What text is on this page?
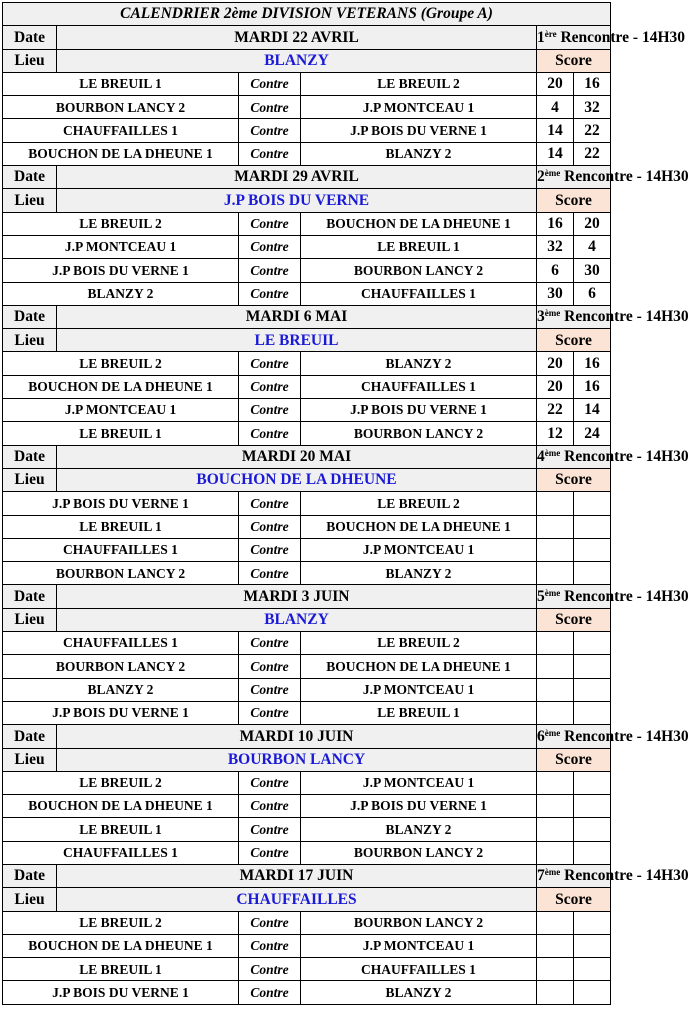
CALENDRIER 2ème DIVISION VETERANS (Groupe A)					
Date	MARDI 22 AVRIL			1ère Rencontre - 14H30	
Lieu	BLANZY			Score	
LE BREUIL 1		Contre	LE BREUIL 2	20	16
BOURBON LANCY 2		Contre	J.P MONTCEAU 1	4	32
CHAUFFAILLES 1		Contre	J.P BOIS DU VERNE 1	14	22
BOUCHON DE LA DHEUNE 1		Contre	BLANZY 2	14	22
Date	MARDI 29 AVRIL			2ème Rencontre - 14H30	
Lieu	J.P BOIS DU VERNE			Score	
LE BREUIL 2		Contre	BOUCHON DE LA DHEUNE 1	16	20
J.P MONTCEAU 1		Contre	LE BREUIL 1	32	4
J.P BOIS DU VERNE 1		Contre	BOURBON LANCY 2	6	30
BLANZY 2		Contre	CHAUFFAILLES 1	30	6
Date	MARDI 6 MAI			3ème Rencontre - 14H30	
Lieu	LE BREUIL			Score	
LE BREUIL 2		Contre	BLANZY 2	20	16
BOUCHON DE LA DHEUNE 1		Contre	CHAUFFAILLES 1	20	16
J.P MONTCEAU 1		Contre	J.P BOIS DU VERNE 1	22	14
LE BREUIL 1		Contre	BOURBON LANCY 2	12	24
Date	MARDI 20 MAI			4ème Rencontre - 14H30	
Lieu	BOUCHON DE LA DHEUNE			Score	
J.P BOIS DU VERNE 1		Contre	LE BREUIL 2		
LE BREUIL 1		Contre	BOUCHON DE LA DHEUNE 1		
CHAUFFAILLES 1		Contre	J.P MONTCEAU 1		
BOURBON LANCY 2		Contre	BLANZY 2		
Date	MARDI 3 JUIN			5ème Rencontre - 14H30	
Lieu	BLANZY			Score	
CHAUFFAILLES 1		Contre	LE BREUIL 2		
BOURBON LANCY 2		Contre	BOUCHON DE LA DHEUNE 1		
BLANZY 2		Contre	J.P MONTCEAU 1		
J.P BOIS DU VERNE 1		Contre	LE BREUIL 1		
Date	MARDI 10 JUIN			6ème Rencontre - 14H30	
Lieu	BOURBON LANCY			Score	
LE BREUIL 2		Contre	J.P MONTCEAU 1		
BOUCHON DE LA DHEUNE 1		Contre	J.P BOIS DU VERNE 1		
LE BREUIL 1		Contre	BLANZY 2		
CHAUFFAILLES 1		Contre	BOURBON LANCY 2		
Date	MARDI 17 JUIN			7ème Rencontre - 14H30	
Lieu	CHAUFFAILLES			Score	
LE BREUIL 2		Contre	BOURBON LANCY 2		
BOUCHON DE LA DHEUNE 1		Contre	J.P MONTCEAU 1		
LE BREUIL 1		Contre	CHAUFFAILLES 1		
J.P BOIS DU VERNE 1		Contre	BLANZY 2		
